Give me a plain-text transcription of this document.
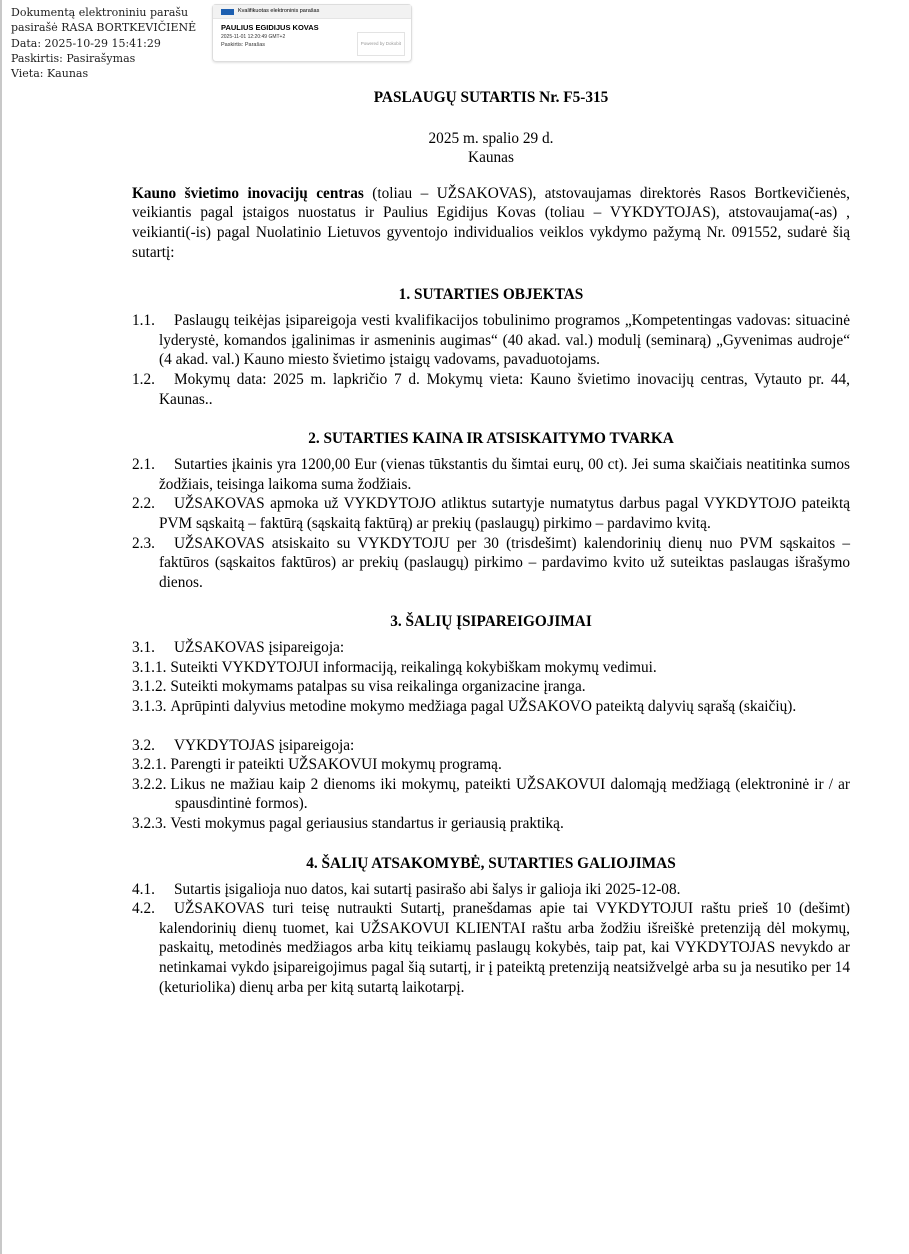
Dokumentą elektroniniu parašu
pasirašė RASA BORTKEVIČIENĖ
Data: 2025-10-29 15:41:29
Paskirtis: Pasirašymas
Vieta: Kaunas
Kvalifikuotas elektroninis parašas
PAULIUS EGIDIJUS KOVAS
2025-11-01 12:20:49 GMT+2
Paskirtis: Parašas	Powered by Dokobit
PASLAUGŲ SUTARTIS Nr. F5-315
2025 m. spalio 29 d.
Kaunas
Kauno švietimo inovacijų centras (toliau – UŽSAKOVAS), atstovaujamas direktorės Rasos Bortkevičienės, veikiantis pagal įstaigos nuostatus ir Paulius Egidijus Kovas (toliau – VYKDYTOJAS), atstovaujama(-as) , veikianti(-is) pagal Nuolatinio Lietuvos gyventojo individualios veiklos vykdymo pažymą Nr. 091552, sudarė šią sutartį:
1. SUTARTIES OBJEKTAS
1.1. Paslaugų teikėjas įsipareigoja vesti kvalifikacijos tobulinimo programos „Kompetentingas vadovas: situacinė lyderystė, komandos įgalinimas ir asmeninis augimas“ (40 akad. val.) modulį (seminarą) „Gyvenimas audroje“ (4 akad. val.) Kauno miesto švietimo įstaigų vadovams, pavaduotojams.
1.2. Mokymų data: 2025 m. lapkričio 7 d. Mokymų vieta: Kauno švietimo inovacijų centras, Vytauto pr. 44, Kaunas..
2. SUTARTIES KAINA IR ATSISKAITYMO TVARKA
2.1. Sutarties įkainis yra 1200,00 Eur (vienas tūkstantis du šimtai eurų, 00 ct). Jei suma skaičiais neatitinka sumos žodžiais, teisinga laikoma suma žodžiais.
2.2. UŽSAKOVAS apmoka už VYKDYTOJO atliktus sutartyje numatytus darbus pagal VYKDYTOJO pateiktą PVM sąskaitą – faktūrą (sąskaitą faktūrą) ar prekių (paslaugų) pirkimo – pardavimo kvitą.
2.3. UŽSAKOVAS atsiskaito su VYKDYTOJU per 30 (trisdešimt) kalendorinių dienų nuo PVM sąskaitos – faktūros (sąskaitos faktūros) ar prekių (paslaugų) pirkimo – pardavimo kvito už suteiktas paslaugas išrašymo dienos.
3. ŠALIŲ ĮSIPAREIGOJIMAI
3.1. UŽSAKOVAS įsipareigoja:
3.1.1. Suteikti VYKDYTOJUI informaciją, reikalingą kokybiškam mokymų vedimui.
3.1.2. Suteikti mokymams patalpas su visa reikalinga organizacine įranga.
3.1.3. Aprūpinti dalyvius metodine mokymo medžiaga pagal UŽSAKOVO pateiktą dalyvių sąrašą (skaičių).
3.2. VYKDYTOJAS įsipareigoja:
3.2.1. Parengti ir pateikti UŽSAKOVUI mokymų programą.
3.2.2. Likus ne mažiau kaip 2 dienoms iki mokymų, pateikti UŽSAKOVUI dalomąją medžiagą (elektroninė ir / ar spausdintinė formos).
3.2.3. Vesti mokymus pagal geriausius standartus ir geriausią praktiką.
4. ŠALIŲ ATSAKOMYBĖ, SUTARTIES GALIOJIMAS
4.1. Sutartis įsigalioja nuo datos, kai sutartį pasirašo abi šalys ir galioja iki 2025-12-08.
4.2. UŽSAKOVAS turi teisę nutraukti Sutartį, pranešdamas apie tai VYKDYTOJUI raštu prieš 10 (dešimt) kalendorinių dienų tuomet, kai UŽSAKOVUI KLIENTAI raštu arba žodžiu išreiškė pretenziją dėl mokymų, paskaitų, metodinės medžiagos arba kitų teikiamų paslaugų kokybės, taip pat, kai VYKDYTOJAS nevykdo ar netinkamai vykdo įsipareigojimus pagal šią sutartį, ir į pateiktą pretenziją neatsižvelgė arba su ja nesutiko per 14 (keturiolika) dienų arba per kitą sutartą laikotarpį.
